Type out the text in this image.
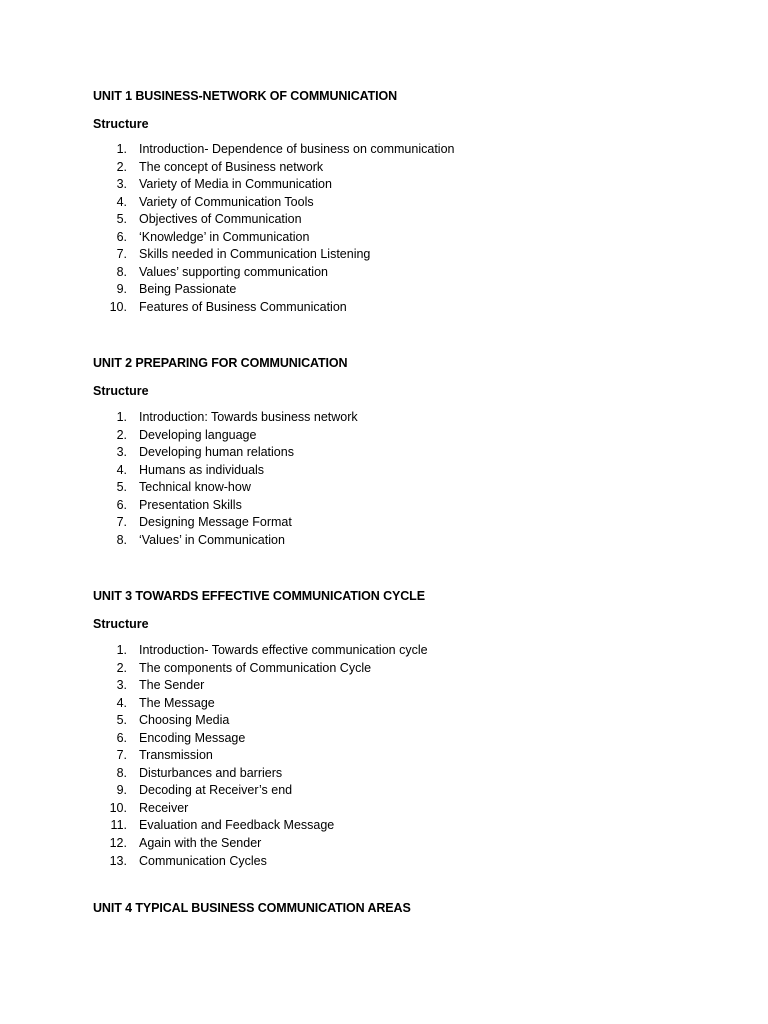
UNIT 1 BUSINESS-NETWORK OF COMMUNICATION

Structure

1. Introduction- Dependence of business on communication
2. The concept of Business network
3. Variety of Media in Communication
4. Variety of Communication Tools
5. Objectives of Communication
6. ‘Knowledge’ in Communication
7. Skills needed in Communication Listening
8. Values’ supporting communication
9. Being Passionate
10. Features of Business Communication
UNIT 2 PREPARING FOR COMMUNICATION

Structure

1. Introduction: Towards business network
2. Developing language
3. Developing human relations
4. Humans as individuals
5. Technical know-how
6. Presentation Skills
7. Designing Message Format
8. ‘Values’ in Communication
UNIT 3 TOWARDS EFFECTIVE COMMUNICATION CYCLE

Structure

1. Introduction- Towards effective communication cycle
2. The components of Communication Cycle
3. The Sender
4. The Message
5. Choosing Media
6. Encoding Message
7. Transmission
8. Disturbances and barriers
9. Decoding at Receiver’s end
10. Receiver
11. Evaluation and Feedback Message
12. Again with the Sender
13. Communication Cycles
UNIT 4 TYPICAL BUSINESS COMMUNICATION AREAS
